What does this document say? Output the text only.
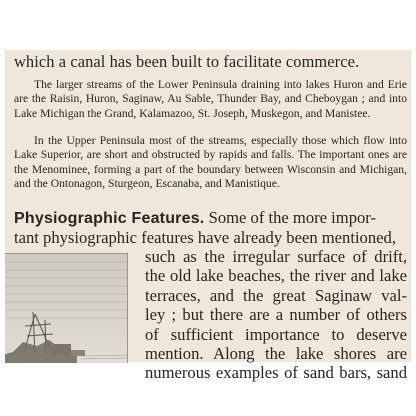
which a canal has been built to facilitate commerce.

The larger streams of the Lower Peninsula draining into lakes Huron and Erie are the Raisin, Huron, Saginaw, Au Sable, Thunder Bay, and Cheboygan ; and into Lake Michigan the Grand, Kalamazoo, St. Joseph, Muskegon, and Manistee.

In the Upper Peninsula most of the streams, especially those which flow into Lake Superior, are short and obstructed by rapids and falls. The important ones are the Menominee, forming a part of the boundary between Wisconsin and Michigan, and the Ontonagon, Sturgeon, Escanaba, and Manistique.

Physiographic Features. Some of the more impor-
tant physiographic features have already been mentioned,
such as the irregular surface of drift,
the old lake beaches, the river and lake
terraces, and the great Saginaw val-
ley ; but there are a number of others
of sufficient importance to deserve
mention. Along the lake shores are
numerous examples of sand bars, sand
